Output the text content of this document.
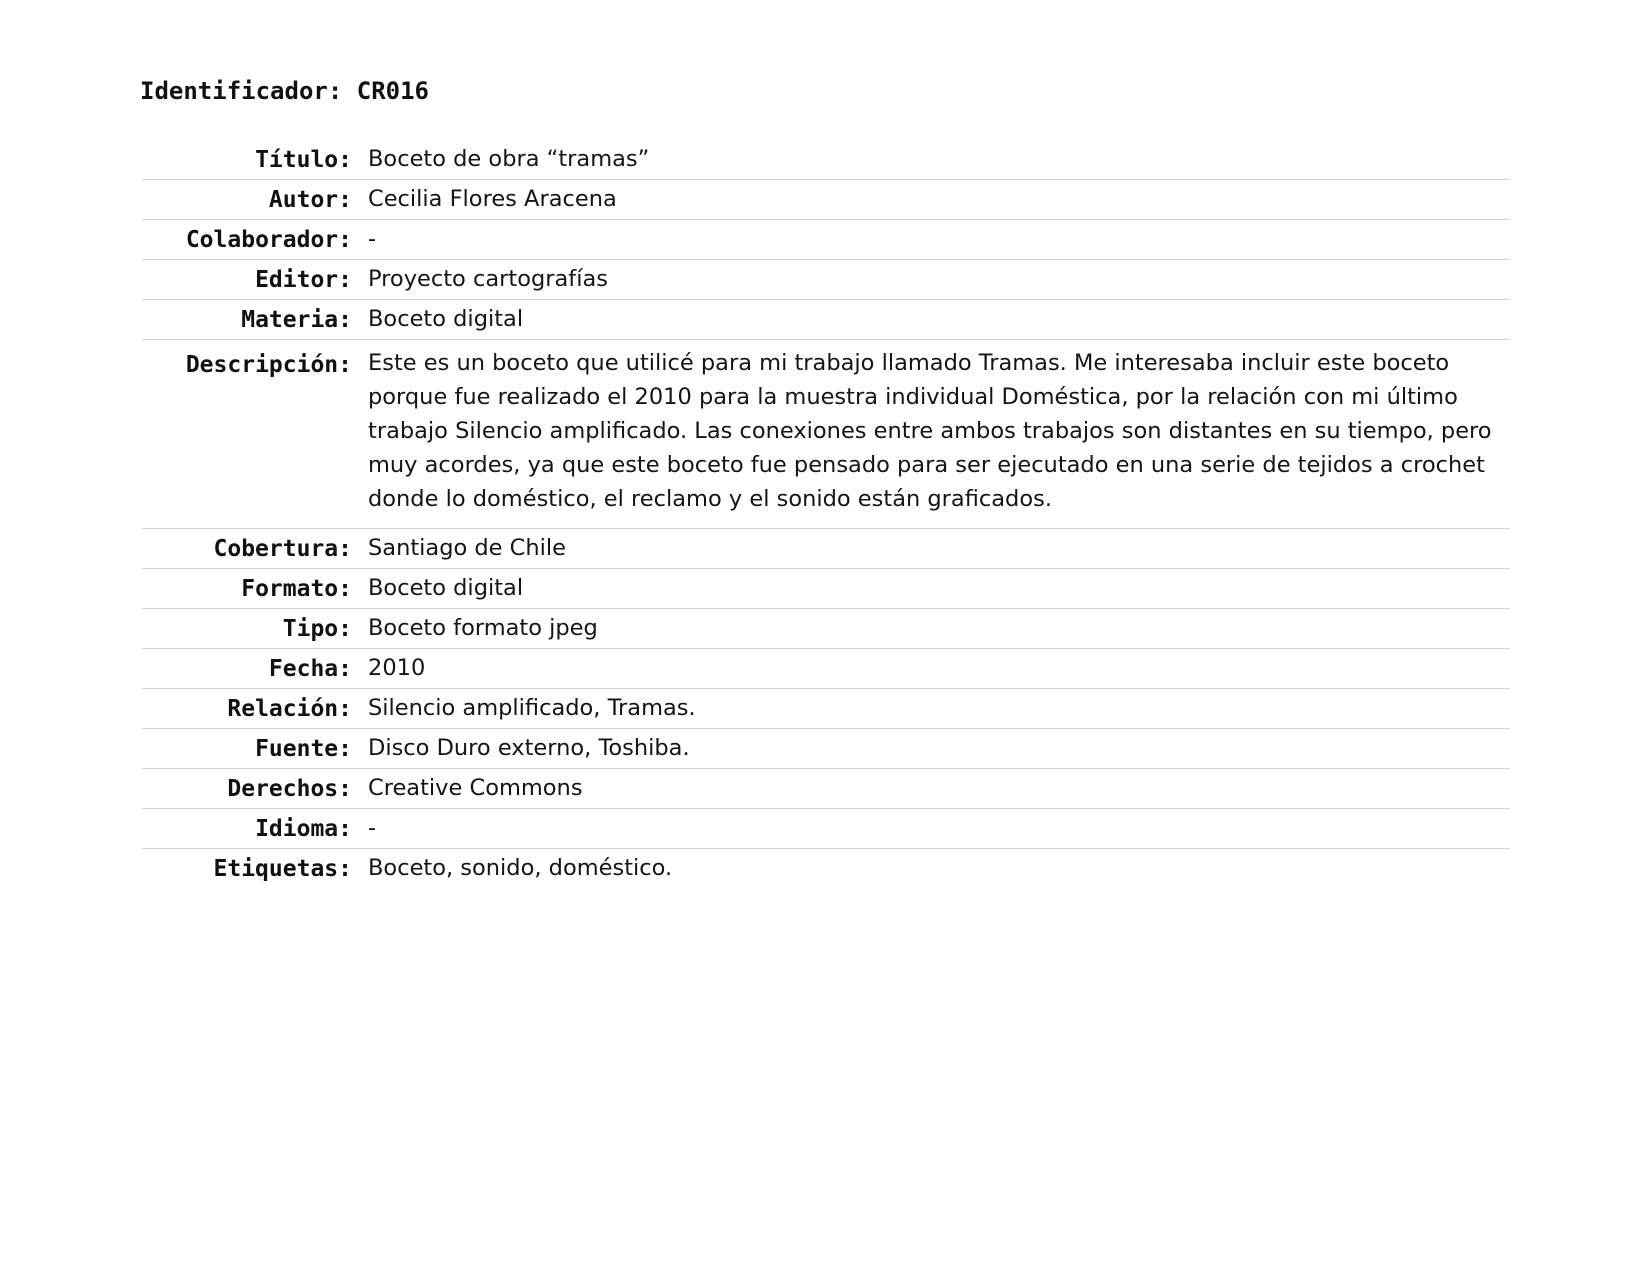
Identificador: CR016
Título: Boceto de obra “tramas”
Autor: Cecilia Flores Aracena
Colaborador: -
Editor: Proyecto cartografías
Materia: Boceto digital
Descripción: Este es un boceto que utilicé para mi trabajo llamado Tramas. Me interesaba incluir este boceto porque fue realizado el 2010 para la muestra individual Doméstica, por la relación con mi último trabajo Silencio amplificado. Las conexiones entre ambos trabajos son distantes en su tiempo, pero muy acordes, ya que este boceto fue pensado para ser ejecutado en una serie de tejidos a crochet donde lo doméstico, el reclamo y el sonido están graficados.
Cobertura: Santiago de Chile
Formato: Boceto digital
Tipo: Boceto formato jpeg
Fecha: 2010
Relación: Silencio amplificado, Tramas.
Fuente: Disco Duro externo, Toshiba.
Derechos: Creative Commons
Idioma: -
Etiquetas: Boceto, sonido, doméstico.
